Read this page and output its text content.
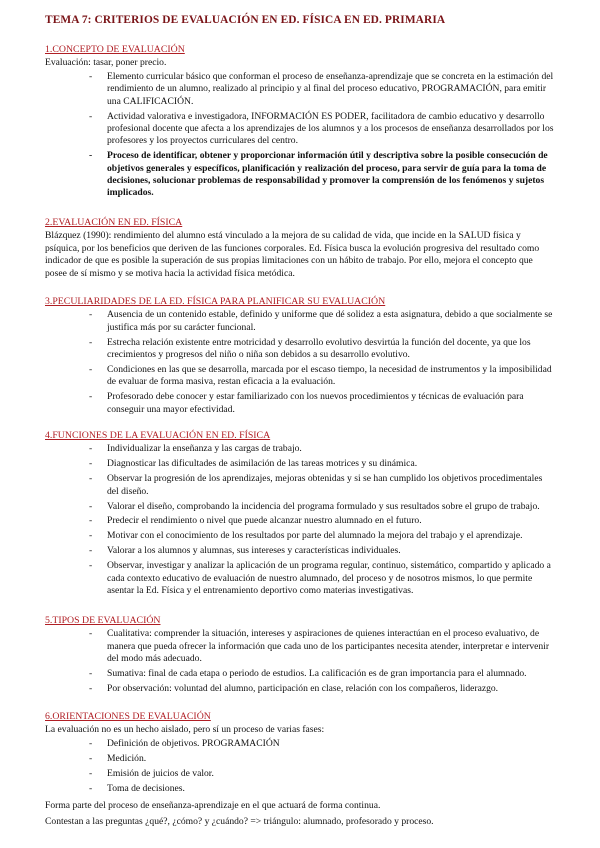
TEMA 7: CRITERIOS DE EVALUACIÓN EN ED. FÍSICA EN ED. PRIMARIA
1.CONCEPTO DE EVALUACIÓN
Evaluación: tasar, poner precio.
- Elemento curricular básico que conforman el proceso de enseñanza-aprendizaje que se concreta en la estimación del rendimiento de un alumno, realizado al principio y al final del proceso educativo, PROGRAMACIÓN, para emitir una CALIFICACIÓN.
- Actividad valorativa e investigadora, INFORMACIÓN ES PODER, facilitadora de cambio educativo y desarrollo profesional docente que afecta a los aprendizajes de los alumnos y a los procesos de enseñanza desarrollados por los profesores y los proyectos curriculares del centro.
- Proceso de identificar, obtener y proporcionar información útil y descriptiva sobre la posible consecución de objetivos generales y específicos, planificación y realización del proceso, para servir de guía para la toma de decisiones, solucionar problemas de responsabilidad y promover la comprensión de los fenómenos y sujetos implicados.
2.EVALUACIÓN EN ED. FÍSICA

Blázquez (1990): rendimiento del alumno está vinculado a la mejora de su calidad de vida, que incide en la SALUD física y psíquica, por los beneficios que deriven de las funciones corporales. Ed. Física busca la evolución progresiva del resultado como indicador de que es posible la superación de sus propias limitaciones con un hábito de trabajo. Por ello, mejora el concepto que posee de sí mismo y se motiva hacia la actividad física metódica.

3.PECULIARIDADES DE LA ED. FÍSICA PARA PLANIFICAR SU EVALUACIÓN
- Ausencia de un contenido estable, definido y uniforme que dé solidez a esta asignatura, debido a que socialmente se justifica más por su carácter funcional.
- Estrecha relación existente entre motricidad y desarrollo evolutivo desvirtúa la función del docente, ya que los crecimientos y progresos del niño o niña son debidos a su desarrollo evolutivo.
- Condiciones en las que se desarrolla, marcada por el escaso tiempo, la necesidad de instrumentos y la imposibilidad de evaluar de forma masiva, restan eficacia a la evaluación.
- Profesorado debe conocer y estar familiarizado con los nuevos procedimientos y técnicas de evaluación para conseguir una mayor efectividad.
4.FUNCIONES DE LA EVALUACIÓN EN ED. FÍSICA
- Individualizar la enseñanza y las cargas de trabajo.
- Diagnosticar las dificultades de asimilación de las tareas motrices y su dinámica.
- Observar la progresión de los aprendizajes, mejoras obtenidas y si se han cumplido los objetivos procedimentales del diseño.
- Valorar el diseño, comprobando la incidencia del programa formulado y sus resultados sobre el grupo de trabajo.
- Predecir el rendimiento o nivel que puede alcanzar nuestro alumnado en el futuro.
- Motivar con el conocimiento de los resultados por parte del alumnado la mejora del trabajo y el aprendizaje.
- Valorar a los alumnos y alumnas, sus intereses y características individuales.
- Observar, investigar y analizar la aplicación de un programa regular, continuo, sistemático, compartido y aplicado a cada contexto educativo de evaluación de nuestro alumnado, del proceso y de nosotros mismos, lo que permite asentar la Ed. Física y el entrenamiento deportivo como materias investigativas.
5.TIPOS DE EVALUACIÓN
- Cualitativa: comprender la situación, intereses y aspiraciones de quienes interactúan en el proceso evaluativo, de manera que pueda ofrecer la información que cada uno de los participantes necesita atender, interpretar e intervenir del modo más adecuado.
- Sumativa: final de cada etapa o periodo de estudios. La calificación es de gran importancia para el alumnado.
- Por observación: voluntad del alumno, participación en clase, relación con los compañeros, liderazgo.
6.ORIENTACIONES DE EVALUACIÓN
La evaluación no es un hecho aislado, pero sí un proceso de varias fases:
- Definición de objetivos. PROGRAMACIÓN
- Medición.
- Emisión de juicios de valor.
- Toma de decisiones.

Forma parte del proceso de enseñanza-aprendizaje en el que actuará de forma continua.

Contestan a las preguntas ¿qué?, ¿cómo? y ¿cuándo? => triángulo: alumnado, profesorado y proceso.
